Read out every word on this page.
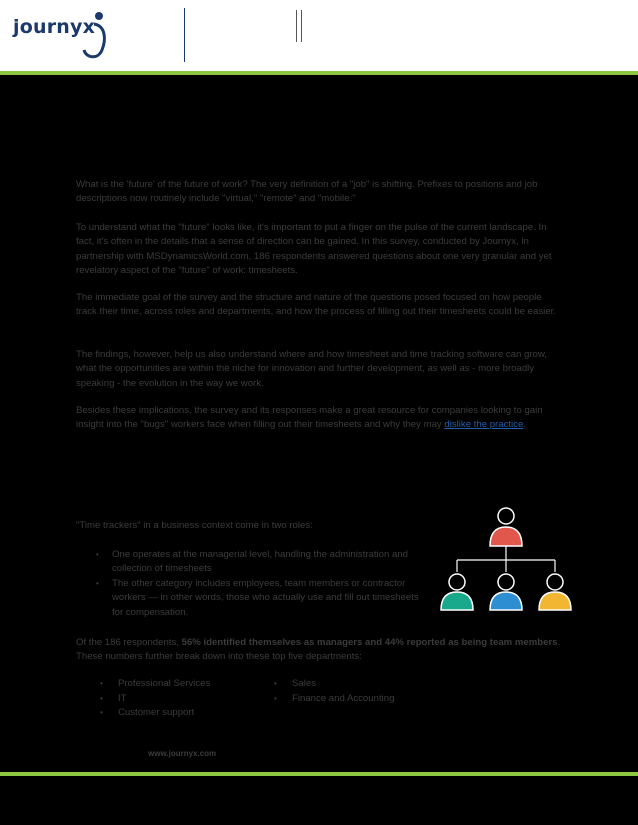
journyx

What is the 'future' of the future of work? The very definition of a "job" is shifting. Prefixes to positions and job descriptions now routinely include "virtual," "remote" and "mobile."

To understand what the "future" looks like, it's important to put a finger on the pulse of the current landscape. In fact, it's often in the details that a sense of direction can be gained. In this survey, conducted by Journyx, in partnership with MSDynamicsWorld.com, 186 respondents answered questions about one very granular and yet revelatory aspect of the "future" of work: timesheets.

The immediate goal of the survey and the structure and nature of the questions posed focused on how people track their time, across roles and departments, and how the process of filling out their timesheets could be easier.

The findings, however, help us also understand where and how timesheet and time tracking software can grow, what the opportunities are within the niche for innovation and further development, as well as - more broadly speaking - the evolution in the way we work.

Besides these implications, the survey and its responses make a great resource for companies looking to gain insight into the "bugs" workers face when filling out their timesheets and why they may dislike the practice.

"Time trackers" in a business context come in two roles:
• One operates at the managerial level, handling the administration and collection of timesheets
• The other category includes employees, team members or contractor workers — in other words, those who actually use and fill out timesheets for compensation.

Of the 186 respondents, 56% identified themselves as managers and 44% reported as being team members. These numbers further break down into these top five departments:

• Professional Services
• IT
• Customer support
• Sales
• Finance and Accounting
www.journyx.com
